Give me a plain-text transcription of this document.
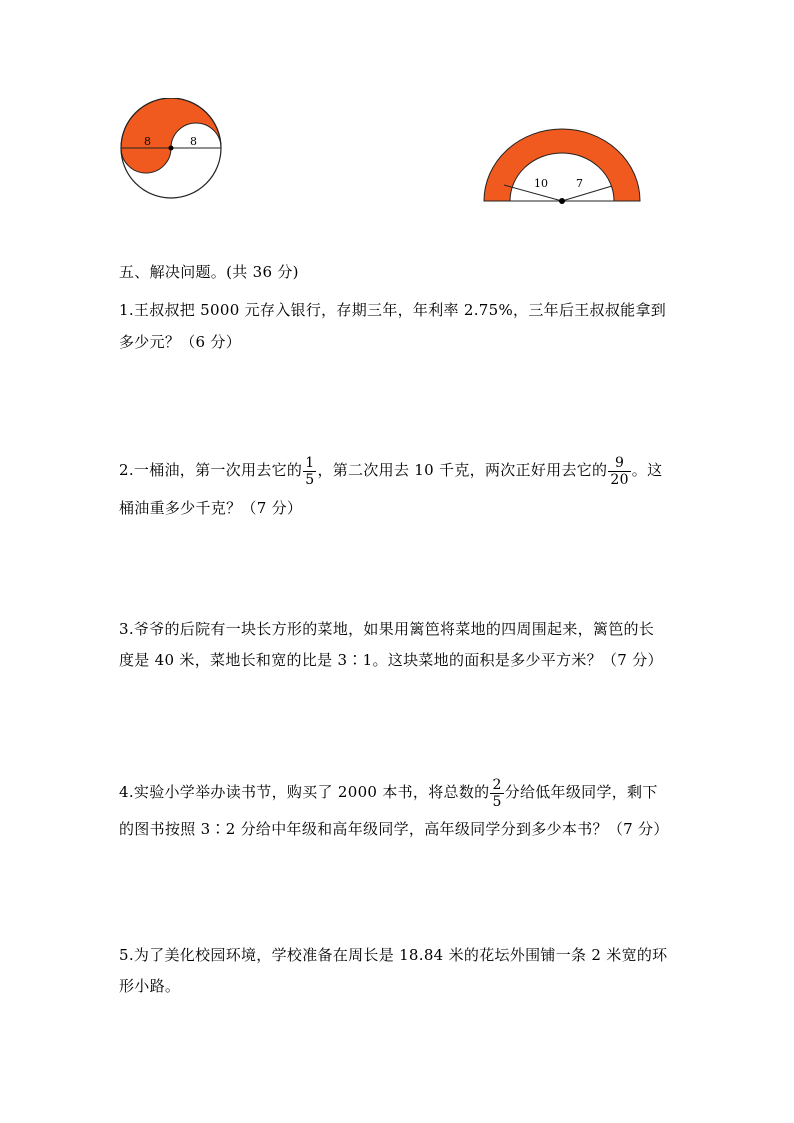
8	8
10	7
五、解决问题。(共 36 分)
1.王叔叔把 5000 元存入银行，存期三年，年利率 2.75%，三年后王叔叔能拿到
多少元？（6 分）
2.一桶油，第一次用去它的 $\frac{1}{5}$ ，第二次用去 10 千克，两次正好用去它的 $\frac{9}{20}$ 。这
桶油重多少千克？（7 分）
3.爷爷的后院有一块长方形的菜地，如果用篱笆将菜地的四周围起来，篱笆的长
度是 40 米，菜地长和宽的比是 3∶1。这块菜地的面积是多少平方米？（7 分）
4.实验小学举办读书节，购买了 2000 本书，将总数的 $\frac{2}{5}$ 分给低年级同学，剩下
的图书按照 3∶2 分给中年级和高年级同学，高年级同学分到多少本书？（7 分）
5.为了美化校园环境，学校准备在周长是 18.84 米的花坛外围铺一条 2 米宽的环
形小路。
